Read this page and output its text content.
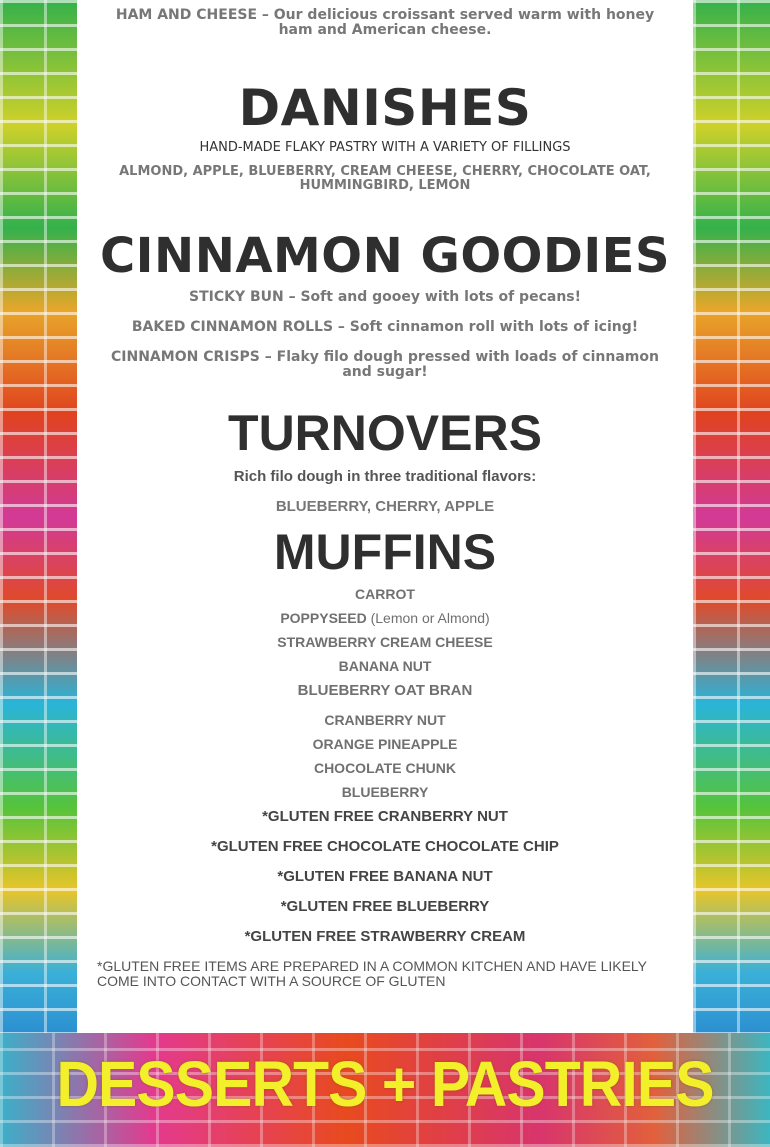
HAM AND CHEESE – Our delicious croissant served warm with honey ham and American cheese.
DANISHES
HAND-MADE FLAKY PASTRY WITH A VARIETY OF FILLINGS
ALMOND, APPLE, BLUEBERRY, CREAM CHEESE, CHERRY, CHOCOLATE OAT, HUMMINGBIRD, LEMON
CINNAMON GOODIES
STICKY BUN – Soft and gooey with lots of pecans!
BAKED CINNAMON ROLLS – Soft cinnamon roll with lots of icing!
CINNAMON CRISPS – Flaky filo dough pressed with loads of cinnamon and sugar!
TURNOVERS
Rich filo dough in three traditional flavors:
BLUEBERRY, CHERRY, APPLE
MUFFINS
CARROT
POPPYSEED (Lemon or Almond)
STRAWBERRY CREAM CHEESE
BANANA NUT
BLUEBERRY OAT BRAN
CRANBERRY NUT
ORANGE PINEAPPLE
CHOCOLATE CHUNK
BLUEBERRY
*GLUTEN FREE CRANBERRY NUT
*GLUTEN FREE CHOCOLATE CHOCOLATE CHIP
*GLUTEN FREE BANANA NUT
*GLUTEN FREE BLUEBERRY
*GLUTEN FREE STRAWBERRY CREAM
*GLUTEN FREE ITEMS ARE PREPARED IN A COMMON KITCHEN AND HAVE LIKELY COME INTO CONTACT WITH A SOURCE OF GLUTEN
DESSERTS + PASTRIES
